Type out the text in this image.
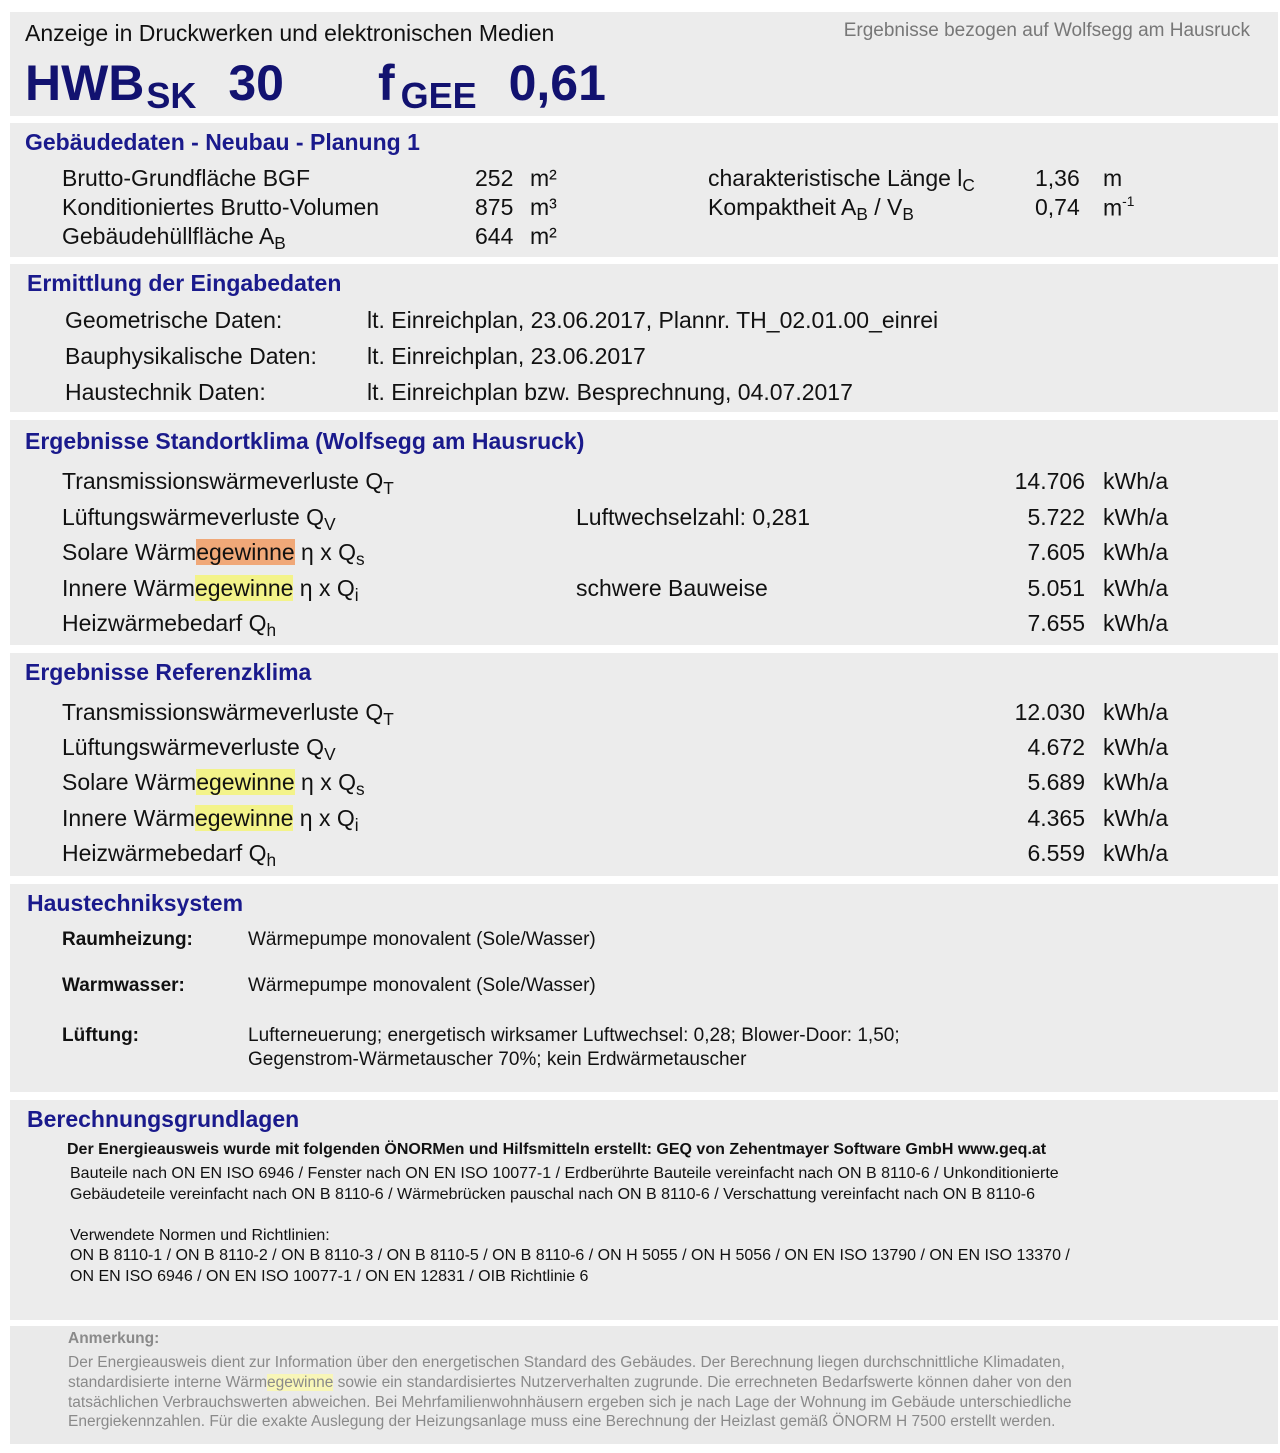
Anzeige in Druckwerken und elektronischen Medien	Ergebnisse bezogen auf Wolfsegg am Hausruck
HWBSK 30 f GEE 0,61
Gebäudedaten - Neubau - Planung 1
Brutto-Grundfläche BGF	252 m²
Konditioniertes Brutto-Volumen	875 m³
Gebäudehüllfläche $A_B$	644 m²
charakteristische Länge $l_C$	1,36 m
Kompaktheit $A_B / V_B$	0,74 $m^{-1}$
Ermittlung der Eingabedaten
Geometrische Daten:	lt. Einreichplan, 23.06.2017, Plannr. TH_02.01.00_einrei
Bauphysikalische Daten: lt. Einreichplan, 23.06.2017
Haustechnik Daten:	lt. Einreichplan bzw. Besprechnung, 04.07.2017
Ergebnisse Standortklima (Wolfsegg am Hausruck)
Transmissionswärmeverluste $Q_T$	14.706 kWh/a
Lüftungswärmeverluste $Q_V$	Luftwechselzahl: 0,281	5.722 kWh/a
Solare Wärmegewinne η x $Q_s$	7.605 kWh/a
Innere Wärmegewinne η x $Q_i$	schwere Bauweise	5.051 kWh/a
Heizwärmebedarf $Q_h$	7.655 kWh/a
Ergebnisse Referenzklima
Transmissionswärmeverluste $Q_T$	12.030 kWh/a
Lüftungswärmeverluste $Q_V$	4.672 kWh/a
Solare Wärmegewinne η x $Q_s$	5.689 kWh/a
Innere Wärmegewinne η x $Q_i$	4.365 kWh/a
Heizwärmebedarf $Q_h$	6.559 kWh/a
Haustechniksystem
Raumheizung:	Wärmepumpe monovalent (Sole/Wasser)
Warmwasser:	Wärmepumpe monovalent (Sole/Wasser)
Lüftung:	Lufterneuerung; energetisch wirksamer Luftwechsel: 0,28; Blower-Door: 1,50;
Gegenstrom-Wärmetauscher 70%; kein Erdwärmetauscher
Berechnungsgrundlagen
Der Energieausweis wurde mit folgenden ÖNORMen und Hilfsmitteln erstellt: GEQ von Zehentmayer Software GmbH www.geq.at
Bauteile nach ON EN ISO 6946 / Fenster nach ON EN ISO 10077-1 / Erdberührte Bauteile vereinfacht nach ON B 8110-6 / Unkonditionierte
Gebäudeteile vereinfacht nach ON B 8110-6 / Wärmebrücken pauschal nach ON B 8110-6 / Verschattung vereinfacht nach ON B 8110-6
Verwendete Normen und Richtlinien:
ON B 8110-1 / ON B 8110-2 / ON B 8110-3 / ON B 8110-5 / ON B 8110-6 / ON H 5055 / ON H 5056 / ON EN ISO 13790 / ON EN ISO 13370 /
ON EN ISO 6946 / ON EN ISO 10077-1 / ON EN 12831 / OIB Richtlinie 6
Anmerkung:
Der Energieausweis dient zur Information über den energetischen Standard des Gebäudes. Der Berechnung liegen durchschnittliche Klimadaten,
standardisierte interne Wärmegewinne sowie ein standardisiertes Nutzerverhalten zugrunde. Die errechneten Bedarfswerte können daher von den
tatsächlichen Verbrauchswerten abweichen. Bei Mehrfamilienwohnhäusern ergeben sich je nach Lage der Wohnung im Gebäude unterschiedliche
Energiekennzahlen. Für die exakte Auslegung der Heizungsanlage muss eine Berechnung der Heizlast gemäß ÖNORM H 7500 erstellt werden.
